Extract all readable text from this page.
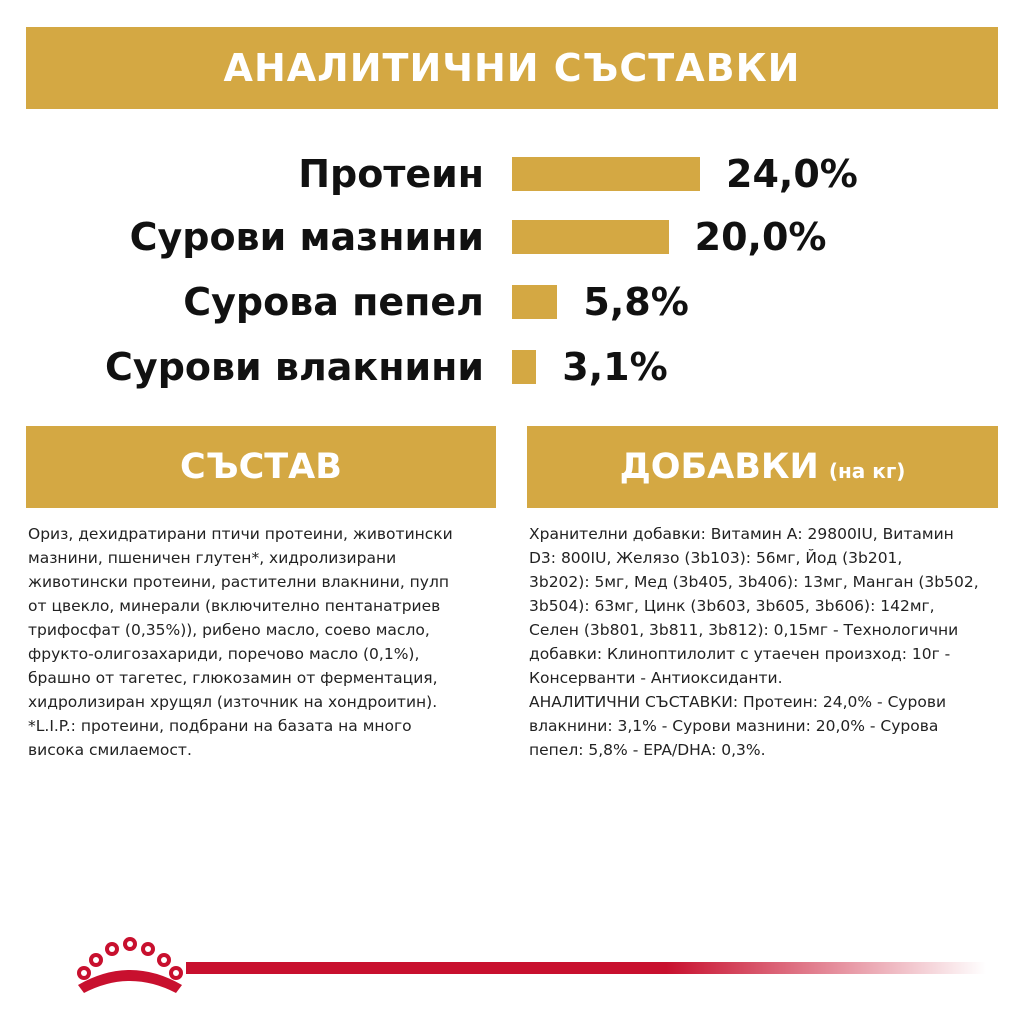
АНАЛИТИЧНИ СЪСТАВКИ
Протеин	24,0%
Сурови мазнини	20,0%
Сурова пепел	5,8%
Сурови влакнини 3,1%
СЪСТАВ	ДОБАВКИ (на кг)

Ориз, дехидратирани птичи протеини, животински
мазнини, пшеничен глутен*, хидролизирани
животински протеини, растителни влакнини, пулп
от цвекло, минерали (включително пентанатриев
трифосфат (0,35%)), рибено масло, соево масло,
фрукто-олигозахариди, поречово масло (0,1%),
брашно от тагетес, глюкозамин от ферментация,
хидролизиран хрущял (източник на хондроитин).
*L.I.P.: протеини, подбрани на базата на много
висока смилаемост.

Хранителни добавки: Витамин А: 29800IU, Витамин
D3: 800IU, Желязо (3b103): 56мг, Йод (3b201,
3b202): 5мг, Мед (3b405, 3b406): 13мг, Манган (3b502,
3b504): 63мг, Цинк (3b603, 3b605, 3b606): 142мг,
Селен (3b801, 3b811, 3b812): 0,15мг - Технологични
добавки: Клиноптилолит с утаечен произход: 10г -
Консерванти - Антиоксиданти.
АНАЛИТИЧНИ СЪСТАВКИ: Протеин: 24,0% - Сурови
влакнини: 3,1% - Сурови мазнини: 20,0% - Сурова
пепел: 5,8% - EPA/DHA: 0,3%.
